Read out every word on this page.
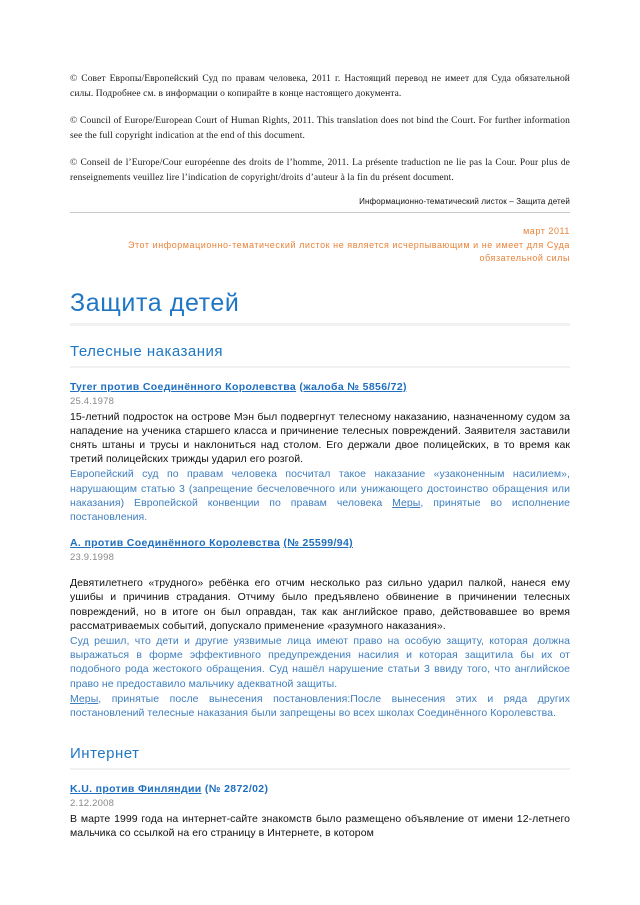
© Совет Европы/Европейский Суд по правам человека, 2011 г. Настоящий перевод не имеет для Суда обязательной силы. Подробнее см. в информации о копирайте в конце настоящего документа.

© Council of Europe/European Court of Human Rights, 2011. This translation does not bind the Court. For further information see the full copyright indication at the end of this document.

© Conseil de l’Europe/Cour européenne des droits de l’homme, 2011. La présente traduction ne lie pas la Cour. Pour plus de renseignements veuillez lire l’indication de copyright/droits d’auteur à la fin du présent document.

Информационно-тематический листок – Защита детей
март 2011
Этот информационно-тематический листок не является исчерпывающим и не имеет для Суда обязательной силы
Защита детей
Телесные наказания
Tyrer против Соединённого Королевства (жалоба № 5856/72)
25.4.1978
15-летний подросток на острове Мэн был подвергнут телесному наказанию, назначенному судом за нападение на ученика старшего класса и причинение телесных повреждений. Заявителя заставили снять штаны и трусы и наклониться над столом. Его держали двое полицейских, в то время как третий полицейских трижды ударил его розгой.
Европейский суд по правам человека посчитал такое наказание «узаконенным насилием», нарушающим статью 3 (запрещение бесчеловечного или унижающего достоинство обращения или наказания) Европейской конвенции по правам человека Меры, принятые во исполнение постановления.
A. против Соединённого Королевства (№ 25599/94)
23.9.1998
Девятилетнего «трудного» ребёнка его отчим несколько раз сильно ударил палкой, нанеся ему ушибы и причинив страдания. Отчиму было предъявлено обвинение в причинении телесных повреждений, но в итоге он был оправдан, так как английское право, действовавшее во время рассматриваемых событий, допускало применение «разумного наказания».
Суд решил, что дети и другие уязвимые лица имеют право на особую защиту, которая должна выражаться в форме эффективного предупреждения насилия и которая защитила бы их от подобного рода жестокого обращения. Суд нашёл нарушение статьи 3 ввиду того, что английское право не предоставило мальчику адекватной защиты.
Меры, принятые после вынесения постановления:После вынесения этих и ряда других постановлений телесные наказания были запрещены во всех школах Соединённого Королевства.
Интернет
K.U. против Финляндии (№ 2872/02)
2.12.2008
В марте 1999 года на интернет-сайте знакомств было размещено объявление от имени 12-летнего мальчика со ссылкой на его страницу в Интернете, в котором
